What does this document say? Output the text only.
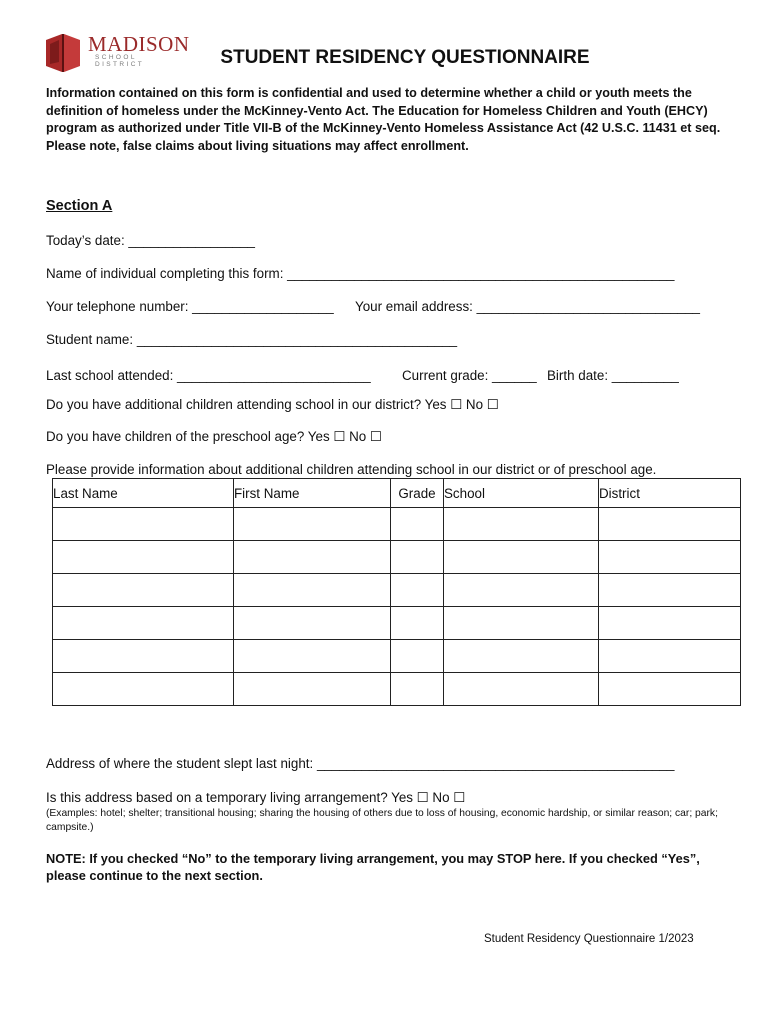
MADISON
SCHOOL DISTRICT	STUDENT RESIDENCY QUESTIONNAIRE
Information contained on this form is confidential and used to determine whether a child or youth meets the definition of homeless under the McKinney-Vento Act. The Education for Homeless Children and Youth (EHCY) program as authorized under Title VII-B of the McKinney-Vento Homeless Assistance Act (42 U.S.C. 11431 et seq. Please note, false claims about living situations may affect enrollment.
Section A
Today’s date: _________________
Name of individual completing this form: ____________________________________________________
Your telephone number: ___________________ Your email address: ______________________________
Student name: ___________________________________________
Last school attended: __________________________ Current grade: ______ Birth date: _________
Do you have additional children attending school in our district? Yes ☐ No ☐
Do you have children of the preschool age? Yes ☐ No ☐
Please provide information about additional children attending school in our district or of preschool age.
Last Name	First Name	Grade	School	District

Address of where the student slept last night: ________________________________________________
Is this address based on a temporary living arrangement? Yes ☐ No ☐
(Examples: hotel; shelter; transitional housing; sharing the housing of others due to loss of housing, economic hardship, or similar reason; car; park; campsite.)
NOTE: If you checked “No” to the temporary living arrangement, you may STOP here. If you checked “Yes”, please continue to the next section.
Student Residency Questionnaire 1/2023
